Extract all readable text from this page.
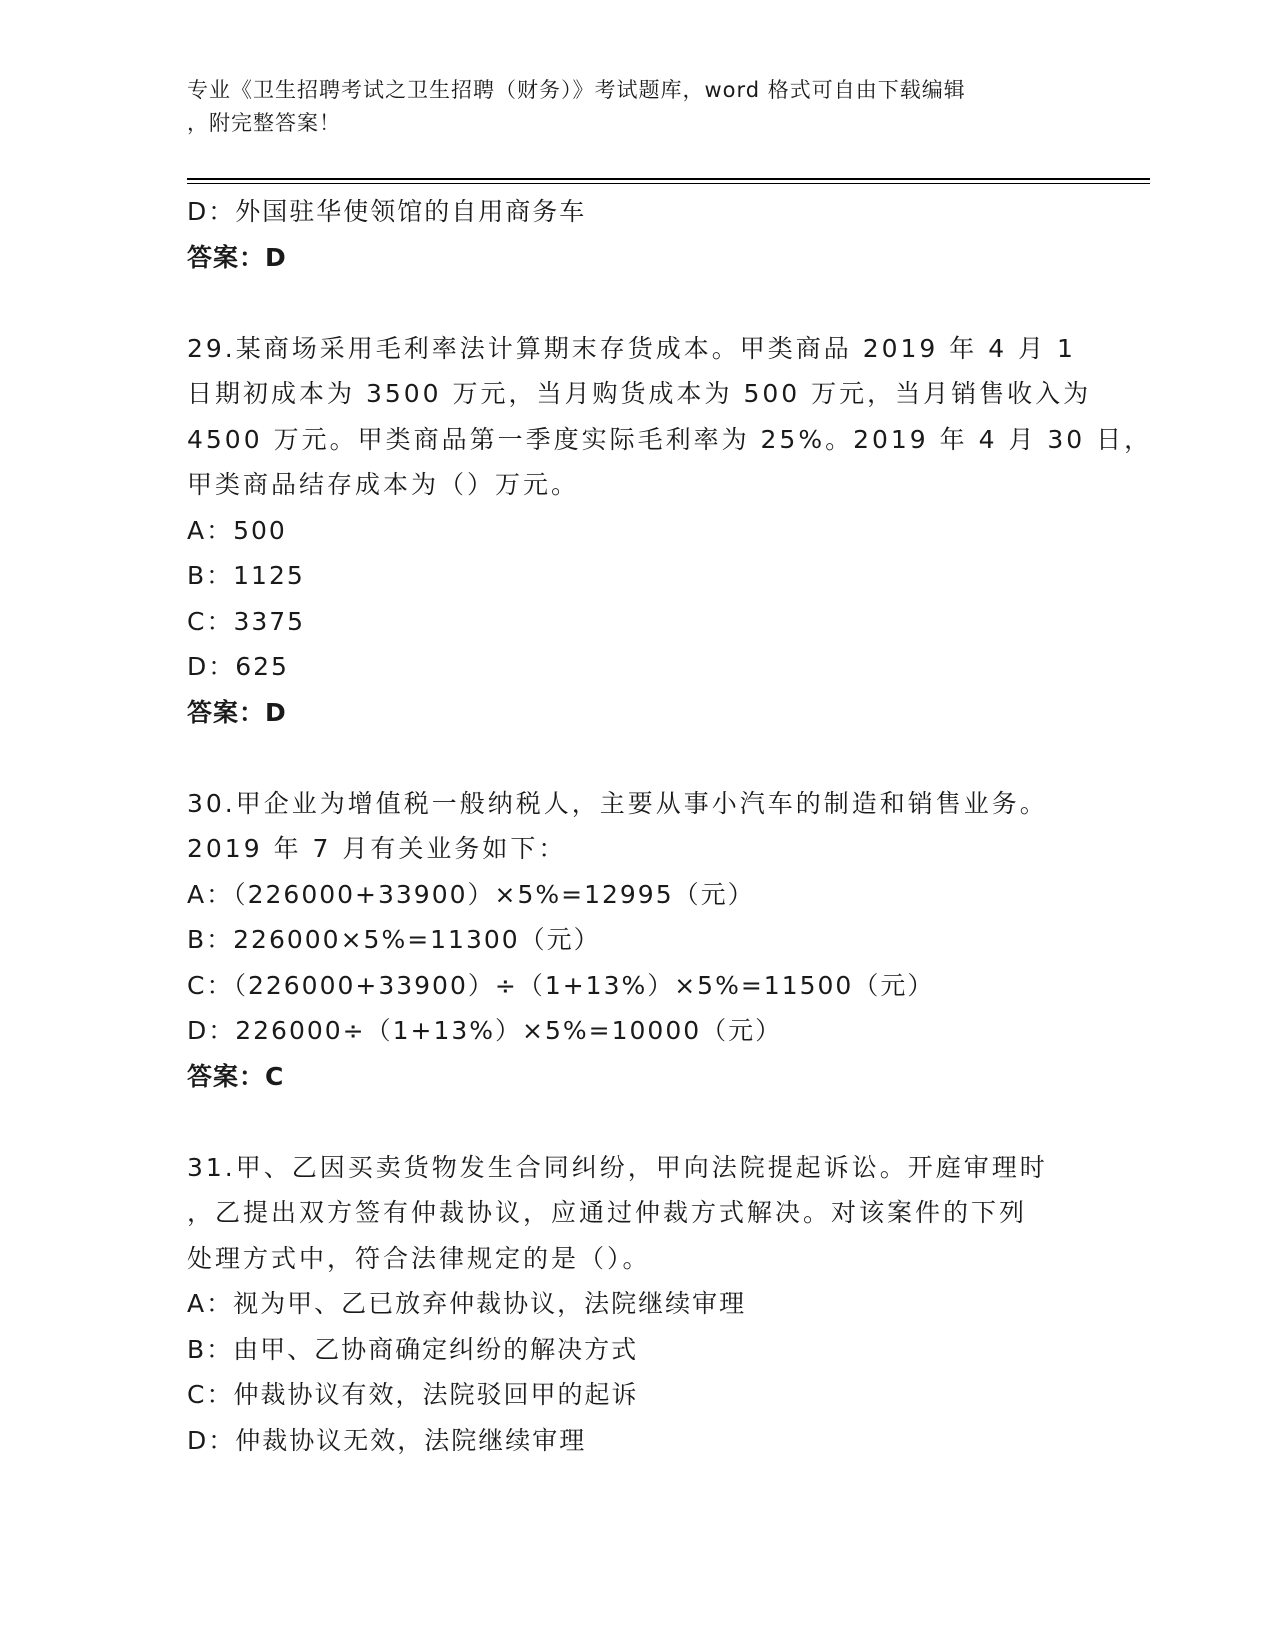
专业《卫生招聘考试之卫生招聘（财务）》考试题库，word 格式可自由下载编辑
，附完整答案！
D：外国驻华使领馆的自用商务车
答案：D
29.某商场采用毛利率法计算期末存货成本。甲类商品 2019 年 4 月 1
日期初成本为 3500 万元，当月购货成本为 500 万元，当月销售收入为
4500 万元。甲类商品第一季度实际毛利率为 25%。2019 年 4 月 30 日，
甲类商品结存成本为（）万元。
A：500
B：1125
C：3375
D：625
答案：D
30.甲企业为增值税一般纳税人，主要从事小汽车的制造和销售业务。
2019 年 7 月有关业务如下：
A：（226000+33900）×5%=12995（元）
B：226000×5%=11300（元）
C：（226000+33900）÷（1+13%）×5%=11500（元）
D：226000÷（1+13%）×5%=10000（元）
答案：C
31.甲、乙因买卖货物发生合同纠纷，甲向法院提起诉讼。开庭审理时
，乙提出双方签有仲裁协议，应通过仲裁方式解决。对该案件的下列
处理方式中，符合法律规定的是（）。
A：视为甲、乙已放弃仲裁协议，法院继续审理
B：由甲、乙协商确定纠纷的解决方式
C：仲裁协议有效，法院驳回甲的起诉
D：仲裁协议无效，法院继续审理
